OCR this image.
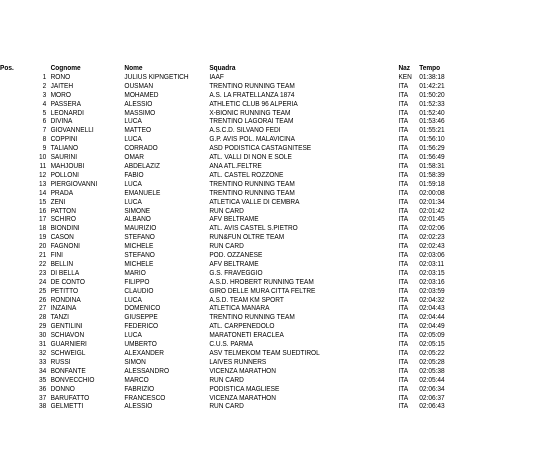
Pos.	Cognome	Nome	Squadra	Naz	Tempo
1	RONO	JULIUS KIPNGETICH	IAAF	KEN	01:38:18
2	JAITEH	OUSMAN	TRENTINO RUNNING TEAM	ITA	01:42:21
3	MORO	MOHAMED	A.S. LA FRATELLANZA 1874	ITA	01:50:20
4	PASSERA	ALESSIO	ATHLETIC CLUB 96 ALPERIA	ITA	01:52:33
5	LEONARDI	MASSIMO	X-BIONIC RUNNING TEAM	ITA	01:52:40
6	DIVINA	LUCA	TRENTINO LAGORAI TEAM	ITA	01:53:46
7	GIOVANNELLI	MATTEO	A.S.C.D. SILVANO FEDI	ITA	01:55:21
8	COPPINI	LUCA	G.P. AVIS POL. MALAVICINA	ITA	01:56:10
9	TALIANO	CORRADO	ASD PODISTICA CASTAGNITESE	ITA	01:56:29
10	SAURINI	OMAR	ATL. VALLI DI NON E SOLE	ITA	01:56:49
11	MAHJOUBI	ABDELAZIZ	ANA ATL.FELTRE	ITA	01:58:31
12	POLLONI	FABIO	ATL. CASTEL ROZZONE	ITA	01:58:39
13	PIERGIOVANNI	LUCA	TRENTINO RUNNING TEAM	ITA	01:59:18
14	PRADA	EMANUELE	TRENTINO RUNNING TEAM	ITA	02:00:08
15	ZENI	LUCA	ATLETICA VALLE DI CEMBRA	ITA	02:01:34
16	PATTON	SIMONE	RUN CARD	ITA	02:01:42
17	SCHIRO	ALBANO	AFV BELTRAME	ITA	02:01:45
18	BIONDINI	MAURIZIO	ATL. AVIS CASTEL S.PIETRO	ITA	02:02:06
19	CASON	STEFANO	RUN&FUN OLTRE TEAM	ITA	02:02:23
20	FAGNONI	MICHELE	RUN CARD	ITA	02:02:43
21	FINI	STEFANO	POD. OZZANESE	ITA	02:03:06
22	BELLIN	MICHELE	AFV BELTRAME	ITA	02:03:11
23	DI BELLA	MARIO	G.S. FRAVEGGIO	ITA	02:03:15
24	DE CONTO	FILIPPO	A.S.D. HROBERT RUNNING TEAM	ITA	02:03:16
25	PETITTO	CLAUDIO	GIRO DELLE MURA CITTA FELTRE	ITA	02:03:59
26	RONDINA	LUCA	A.S.D. TEAM KM SPORT	ITA	02:04:32
27	INZAINA	DOMENICO	ATLETICA MANARA	ITA	02:04:43
28	TANZI	GIUSEPPE	TRENTINO RUNNING TEAM	ITA	02:04:44
29	GENTILINI	FEDERICO	ATL. CARPENEDOLO	ITA	02:04:49
30	SCHIAVON	LUCA	MARATONETI ERACLEA	ITA	02:05:09
31	GUARNIERI	UMBERTO	C.U.S. PARMA	ITA	02:05:15
32	SCHWEIGL	ALEXANDER	ASV TELMEKOM TEAM SUEDTIROL	ITA	02:05:22
33	RUSSI	SIMON	LAIVES RUNNERS	ITA	02:05:28
34	BONFANTE	ALESSANDRO	VICENZA MARATHON	ITA	02:05:38
35	BONVECCHIO	MARCO	RUN CARD	ITA	02:05:44
36	DONNO	FABRIZIO	PODISTICA MAGLIESE	ITA	02:06:34
37	BARUFATTO	FRANCESCO	VICENZA MARATHON	ITA	02:06:37
38	GELMETTI	ALESSIO	RUN CARD	ITA	02:06:43
